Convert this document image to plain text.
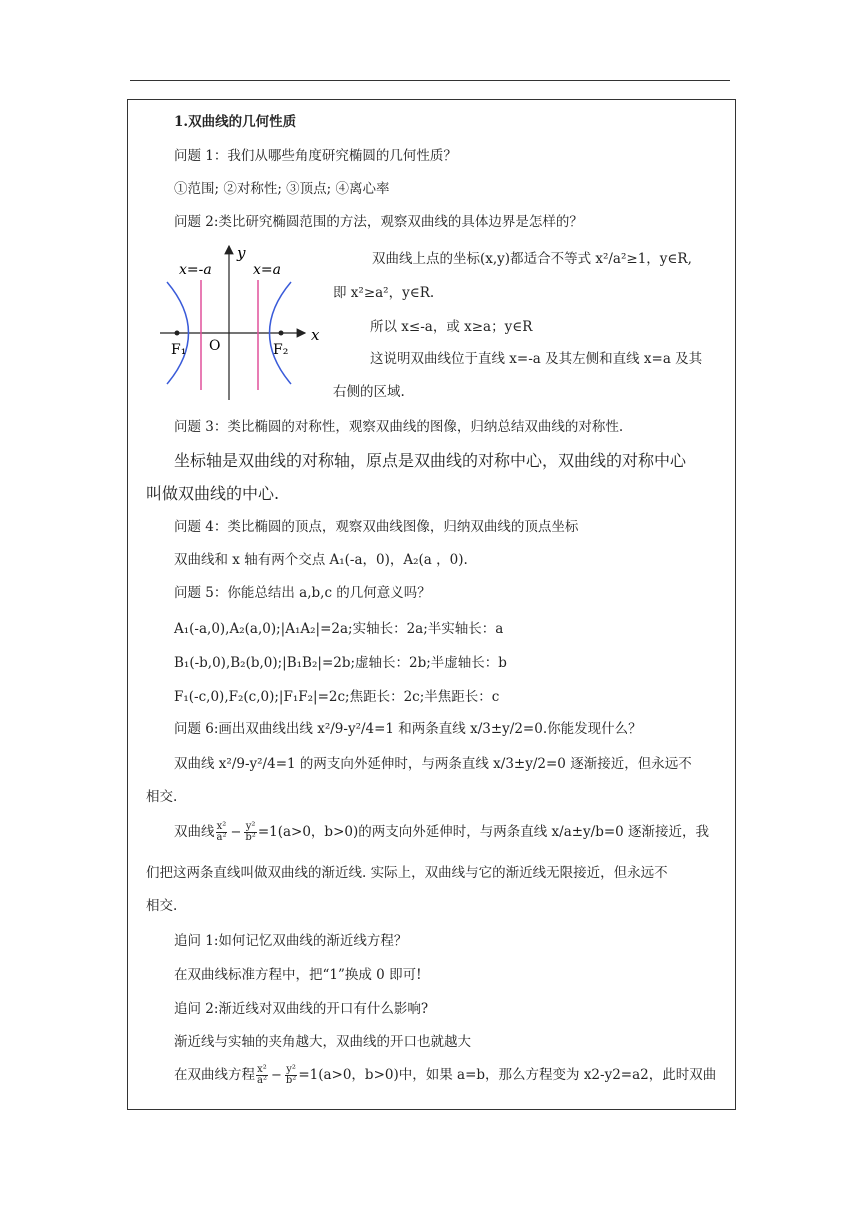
1.双曲线的几何性质
问题 1：我们从哪些角度研究椭圆的几何性质？
①范围; ②对称性; ③顶点; ④离心率
问题 2:类比研究椭圆范围的方法，观察双曲线的具体边界是怎样的？
y
x
x=-a	x=a
F₁	F₂
O
双曲线上点的坐标(x,y)都适合不等式 x²/a²≥1，y∈R,
即 x²≥a²，y∈R.
所以 x≤-a，或 x≥a；y∈R
这说明双曲线位于直线 x=-a 及其左侧和直线 x=a 及其
右侧的区域.
问题 3：类比椭圆的对称性，观察双曲线的图像，归纳总结双曲线的对称性.
坐标轴是双曲线的对称轴，原点是双曲线的对称中心，双曲线的对称中心
叫做双曲线的中心.
问题 4：类比椭圆的顶点，观察双曲线图像，归纳双曲线的顶点坐标
双曲线和 x 轴有两个交点 A₁(-a，0)，A₂(a ，0).
问题 5：你能总结出 a,b,c 的几何意义吗？
A₁(-a,0),A₂(a,0);|A₁A₂|=2a;实轴长：2a;半实轴长：a
B₁(-b,0),B₂(b,0);|B₁B₂|=2b;虚轴长：2b;半虚轴长：b
F₁(-c,0),F₂(c,0);|F₁F₂|=2c;焦距长：2c;半焦距长：c
问题 6:画出双曲线出线 x²/9-y²/4=1 和两条直线 x/3±y/2=0.你能发现什么？
双曲线 x²/9-y²/4=1 的两支向外延伸时，与两条直线 x/3±y/2=0 逐渐接近，但永远不
相交.
双曲线 $\frac{\text{x²}}{\text{a²}} - \frac{\text{y²}}{\text{b²}} =1(a>0$，b>0)的两支向外延伸时，与两条直线 x/a±y/b=0 逐渐接近，我
们把这两条直线叫做双曲线的渐近线. 实际上，双曲线与它的渐近线无限接近，但永远不
相交.
追问 1:如何记忆双曲线的渐近线方程？
在双曲线标准方程中，把“1”换成 0 即可!
追问 2:渐近线对双曲线的开口有什么影响?
渐近线与实轴的夹角越大，双曲线的开口也就越大
在双曲线方程 $\frac{\text{x²}}{\text{a²}} - \frac{\text{y²}}{\text{b²}} =1(a>0$，b>0)中，如果 a=b，那么方程变为 x2-y2=a2，此时双曲
